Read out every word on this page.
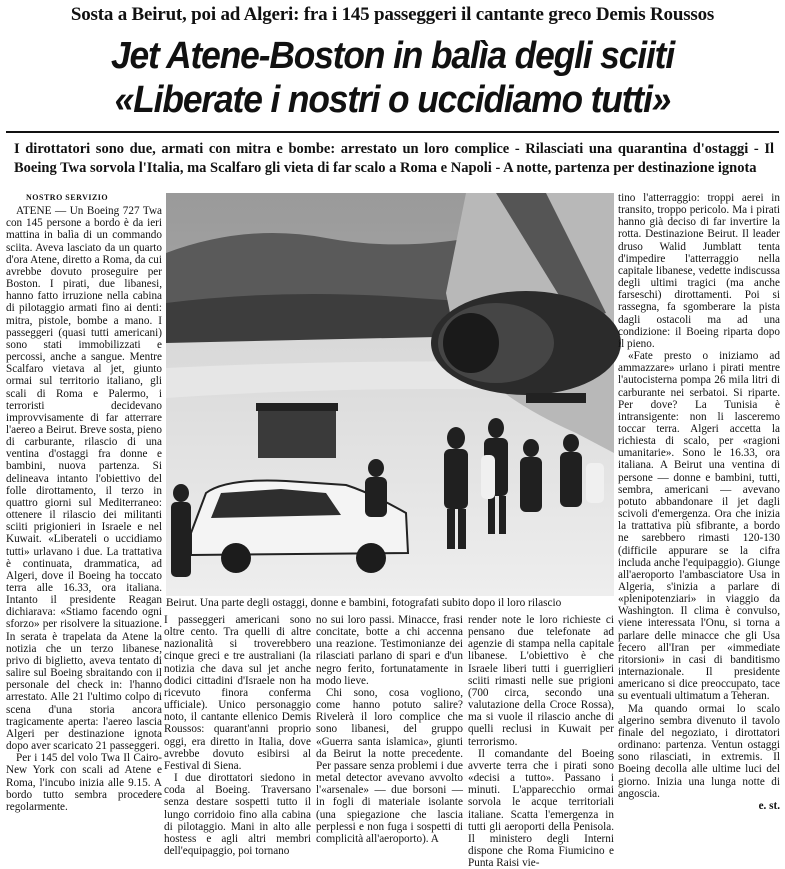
Sosta a Beirut, poi ad Algeri: fra i 145 passeggeri il cantante greco Demis Roussos
Jet Atene-Boston in balìa degli sciiti
«Liberate i nostri o uccidiamo tutti»
I dirottatori sono due, armati con mitra e bombe: arrestato un loro complice - Rilasciati una quarantina d'ostaggi - Il Boeing Twa sorvola l'Italia, ma Scalfaro gli vieta di far scalo a Roma e Napoli - A notte, partenza per destinazione ignota

NOSTRO SERVIZIO

ATENE — Un Boeing 727 Twa con 145 persone a bordo è da ieri mattina in balìa di un commando sciita. Aveva lasciato da un quarto d'ora Atene, diretto a Roma, da cui avrebbe dovuto proseguire per Boston. I pirati, due libanesi, hanno fatto irruzione nella cabina di pilotaggio armati fino ai denti: mitra, pistole, bombe a mano. I passeggeri (quasi tutti americani) sono stati immobilizzati e percossi, anche a sangue. Mentre Scalfaro vietava al jet, giunto ormai sul territorio italiano, gli scali di Roma e Palermo, i terroristi decidevano improvvisamente di far atterrare l'aereo a Beirut. Breve sosta, pieno di carburante, rilascio di una ventina d'ostaggi fra donne e bambini, nuova partenza. Si delineava intanto l'obiettivo del folle dirottamento, il terzo in quattro giorni sul Mediterraneo: ottenere il rilascio dei militanti sciiti prigionieri in Israele e nel Kuwait. «Liberateli o uccidiamo tutti» urlavano i due. La trattativa è continuata, drammatica, ad Algeri, dove il Boeing ha toccato terra alle 16.33, ora italiana. Intanto il presidente Reagan dichiarava: «Stiamo facendo ogni sforzo» per risolvere la situazione. In serata è trapelata da Atene la notizia che un terzo libanese, privo di biglietto, aveva tentato di salire sul Boeing sbraitando con il personale del check in: l'hanno arrestato. Alle 21 l'ultimo colpo di scena d'una storia ancora tragicamente aperta: l'aereo lascia Algeri per destinazione ignota dopo aver scaricato 21 passeggeri.

Per i 145 del volo Twa Il Cairo-New York con scali ad Atene e Roma, l'incubo inizia alle 9.15. A bordo tutto sembra procedere regolarmente.

Beirut. Una parte degli ostaggi, donne e bambini, fotografati subito dopo il loro rilascio

I passeggeri americani sono oltre cento. Tra quelli di altre nazionalità si troverebbero cinque greci e tre australiani (la notizia che dava sul jet anche dodici cittadini d'Israele non ha ricevuto finora conferma ufficiale). Unico personaggio noto, il cantante ellenico Demis Roussos: quarant'anni proprio oggi, era diretto in Italia, dove avrebbe dovuto esibirsi al Festival di Siena.

I due dirottatori siedono in coda al Boeing. Traversano senza destare sospetti tutto il lungo corridoio fino alla cabina di pilotaggio. Mani in alto alle hostess e agli altri membri dell'equipaggio, poi tornano

no sui loro passi. Minacce, frasi concitate, botte a chi accenna una reazione. Testimonianze dei rilasciati parlano di spari e d'un negro ferito, fortunatamente in modo lieve.

Chi sono, cosa vogliono, come hanno potuto salire? Rivelerà il loro complice che sono libanesi, del gruppo «Guerra santa islamica», giunti da Beirut la notte precedente. Per passare senza problemi i due metal detector avevano avvolto l'«arsenale» — due borsoni — in fogli di materiale isolante (una spiegazione che lascia perplessi e non fuga i sospetti di complicità all'aeroporto). A

render note le loro richieste ci pensano due telefonate ad agenzie di stampa nella capitale libanese. L'obiettivo è che Israele liberi tutti i guerriglieri sciiti rimasti nelle sue prigioni (700 circa, secondo una valutazione della Croce Rossa), ma si vuole il rilascio anche di quelli reclusi in Kuwait per terrorismo.

Il comandante del Boeing avverte terra che i pirati sono «decisi a tutto». Passano i minuti. L'apparecchio ormai sorvola le acque territoriali italiane. Scatta l'emergenza in tutti gli aeroporti della Penisola. Il ministero degli Interni dispone che Roma Fiumicino e Punta Raisi vie-

tino l'atterraggio: troppi aerei in transito, troppo pericolo. Ma i pirati hanno già deciso di far invertire la rotta. Destinazione Beirut. Il leader druso Walid Jumblatt tenta d'impedire l'atterraggio nella capitale libanese, vedette indiscussa degli ultimi tragici (ma anche farseschi) dirottamenti. Poi si rassegna, fa sgomberare la pista dagli ostacoli ma ad una condizione: il Boeing riparta dopo il pieno.

«Fate presto o iniziamo ad ammazzare» urlano i pirati mentre l'autocisterna pompa 26 mila litri di carburante nei serbatoi. Si riparte. Per dove? La Tunisia è intransigente: non li lasceremo toccar terra. Algeri accetta la richiesta di scalo, per «ragioni umanitarie». Sono le 16.33, ora italiana. A Beirut una ventina di persone — donne e bambini, tutti, sembra, americani — avevano potuto abbandonare il jet dagli scivoli d'emergenza. Ora che inizia la trattativa più sfibrante, a bordo ne sarebbero rimasti 120-130 (difficile appurare se la cifra includa anche l'equipaggio). Giunge all'aeroporto l'ambasciatore Usa in Algeria, s'inizia a parlare di «plenipotenziari» in viaggio da Washington. Il clima è convulso, viene interessata l'Onu, si torna a parlare delle minacce che gli Usa fecero all'Iran per «immediate ritorsioni» in casi di banditismo internazionale. Il presidente americano si dice preoccupato, tace su eventuali ultimatum a Teheran.

Ma quando ormai lo scalo algerino sembra divenuto il tavolo finale del negoziato, i dirottatori ordinano: partenza. Ventun ostaggi sono rilasciati, in extremis. Il Boeing decolla alle ultime luci del giorno. Inizia una lunga notte di angoscia.

e. st.
